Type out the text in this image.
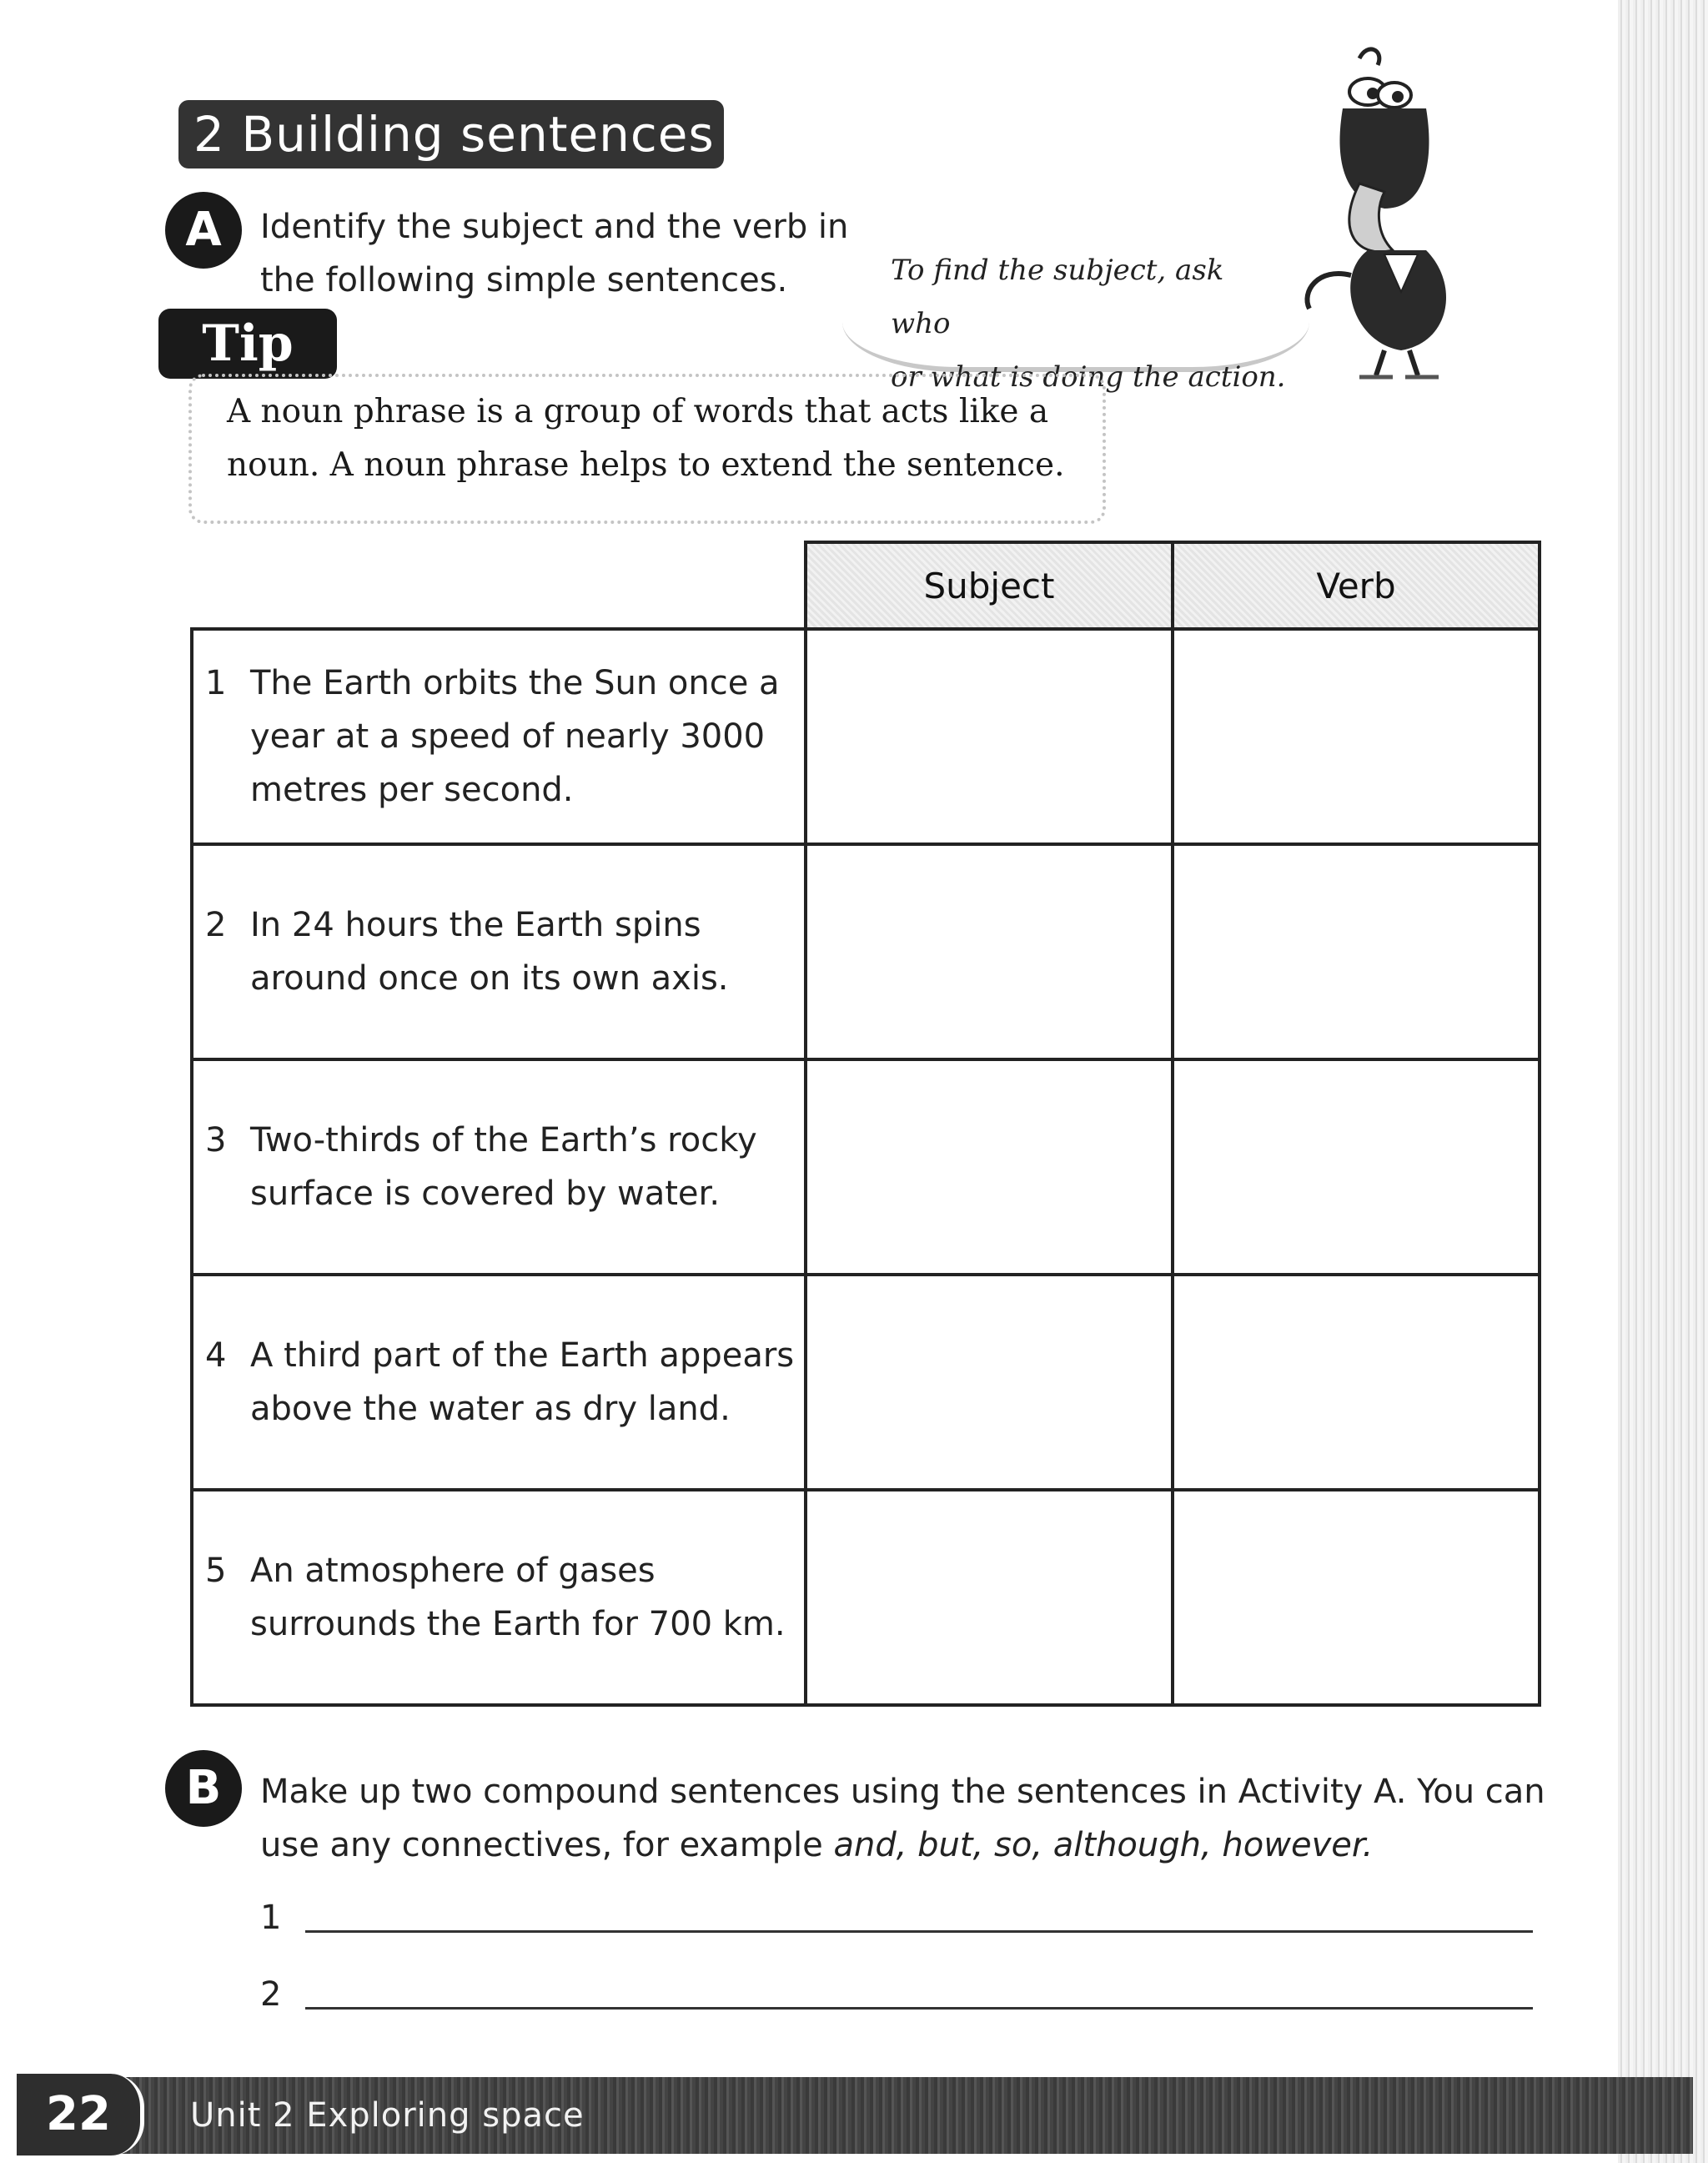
2 Building sentences
A	Identify the subject and the verb in
the following simple sentences.	To find the subject, ask who
or what is doing the action.
Tip
A noun phrase is a group of words that acts like a
noun. A noun phrase helps to extend the sentence.
	Subject	Verb

1 The Earth orbits the Sun once a year at a speed of nearly 3000 metres per second.		

2 In 24 hours the Earth spins around once on its own axis.		

3 Two-thirds of the Earth’s rocky surface is covered by water.		

4 A third part of the Earth appears above the water as dry land.		

5 An atmosphere of gases surrounds the Earth for 700 km.		

B	Make up two compound sentences using the sentences in Activity A. You can
use any connectives, for example and, but, so, although, however.
1
2
22	Unit 2 Exploring space
